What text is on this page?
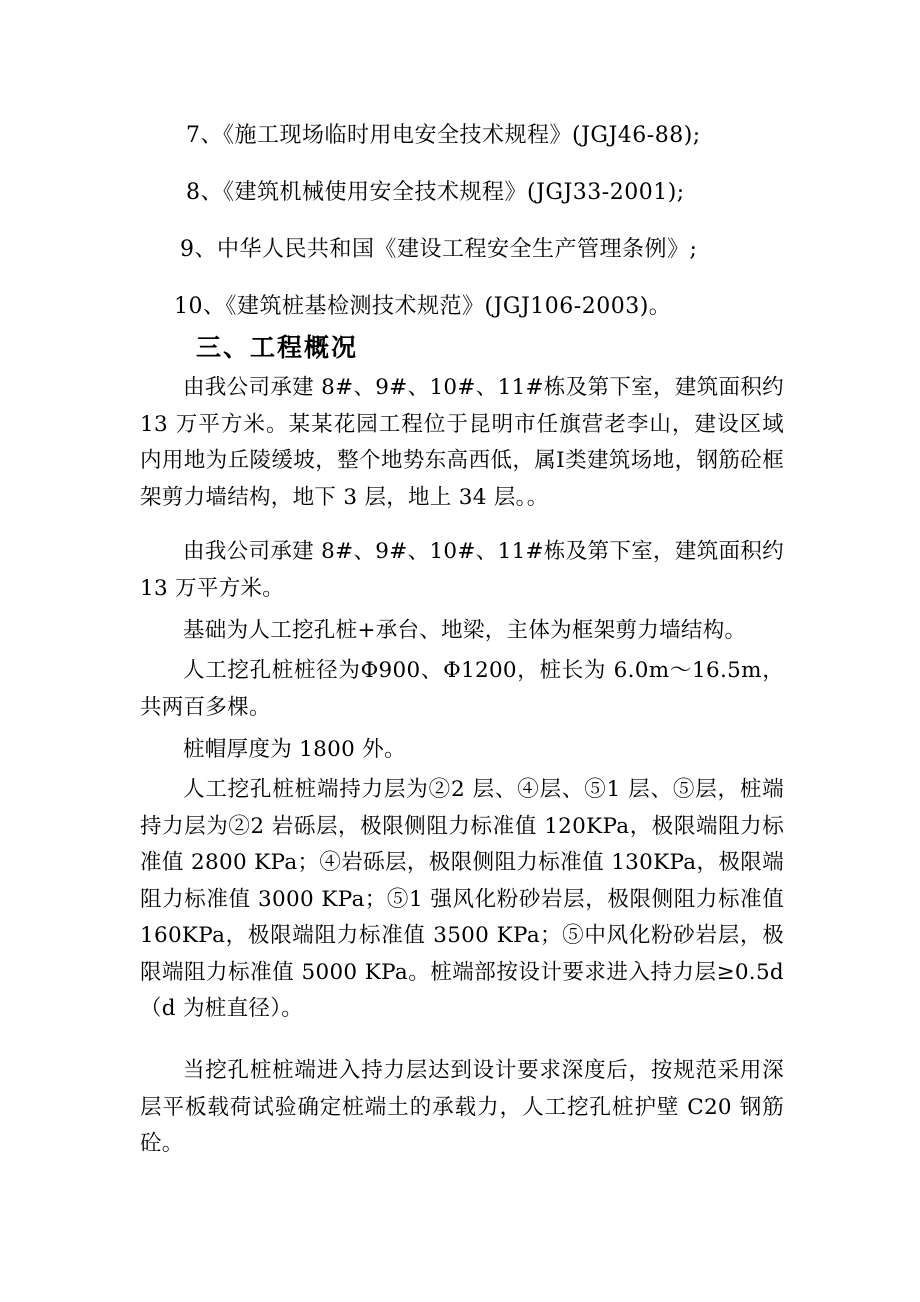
7、《施工现场临时用电安全技术规程》(JGJ46-88);
8、《建筑机械使用安全技术规程》(JGJ33-2001);
9、中华人民共和国《建设工程安全生产管理条例》;
10、《建筑桩基检测技术规范》(JGJ106-2003)。
三、工程概况

由我公司承建 8#、9#、10#、11#栋及第下室，建筑面积约 13 万平方米。某某花园工程位于昆明市任旗营老李山，建设区域内用地为丘陵缓坡，整个地势东高西低，属Ⅰ类建筑场地，钢筋砼框架剪力墙结构，地下 3 层，地上 34 层。。

由我公司承建 8#、9#、10#、11#栋及第下室，建筑面积约 13 万平方米。

基础为人工挖孔桩+承台、地梁，主体为框架剪力墙结构。

人工挖孔桩桩径为Φ900、Φ1200，桩长为 6.0m～16.5m，共两百多棵。

桩帽厚度为 1800 外。

人工挖孔桩桩端持力层为②2 层、④层、⑤1 层、⑤层，桩端持力层为②2 岩砾层，极限侧阻力标准值 120KPa，极限端阻力标准值 2800 KPa；④岩砾层，极限侧阻力标准值 130KPa，极限端阻力标准值 3000 KPa；⑤1 强风化粉砂岩层，极限侧阻力标准值 160KPa，极限端阻力标准值 3500 KPa；⑤中风化粉砂岩层，极限端阻力标准值 5000 KPa。桩端部按设计要求进入持力层≥0.5d（d 为桩直径）。

当挖孔桩桩端进入持力层达到设计要求深度后，按规范采用深层平板载荷试验确定桩端土的承载力，人工挖孔桩护壁 C20 钢筋砼。
